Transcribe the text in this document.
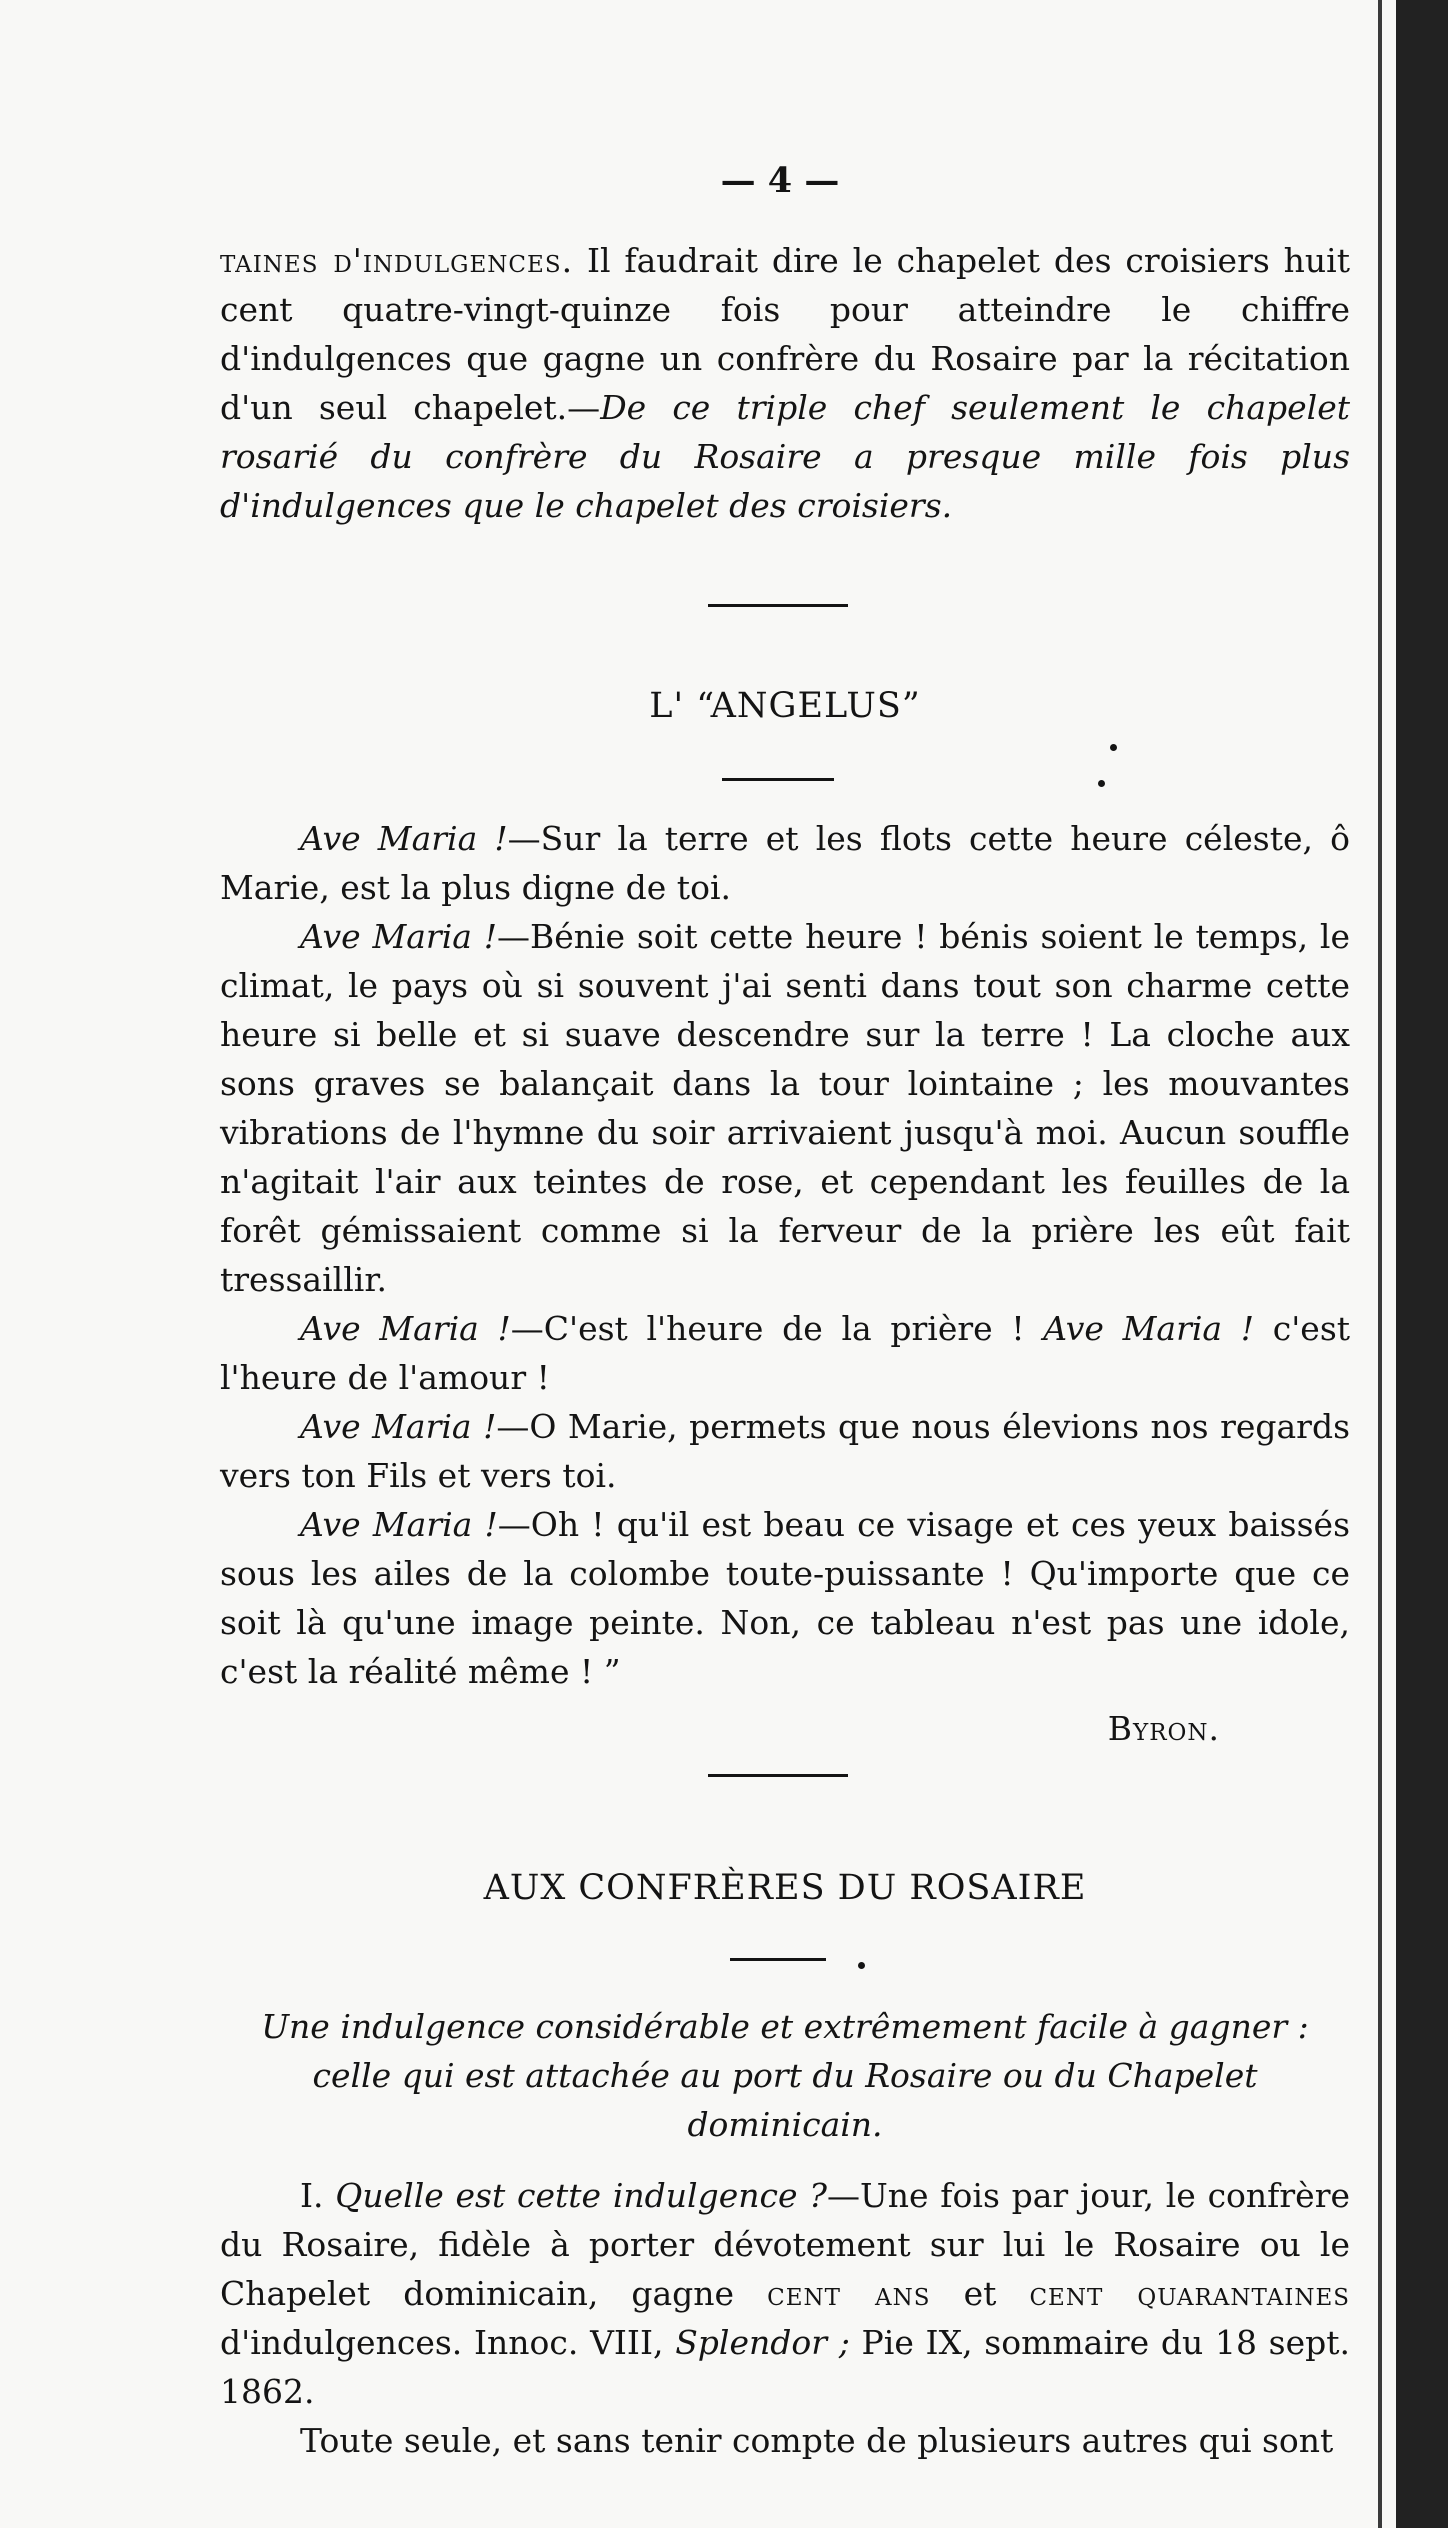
— 4 —

taines d'indulgences. Il faudrait dire le chapelet des croisiers huit cent quatre-vingt-quinze fois pour atteindre le chiffre d'indulgences que gagne un confrère du Rosaire par la récitation d'un seul chapelet.—De ce triple chef seulement le chapelet rosarié du confrère du Rosaire a presque mille fois plus d'indulgences que le chapelet des croisiers.

L' “ANGELUS”

Ave Maria !—Sur la terre et les flots cette heure céleste, ô Marie, est la plus digne de toi.

Ave Maria !—Bénie soit cette heure ! bénis soient le temps, le climat, le pays où si souvent j'ai senti dans tout son charme cette heure si belle et si suave descendre sur la terre ! La cloche aux sons graves se balançait dans la tour lointaine ; les mouvantes vibrations de l'hymne du soir arrivaient jusqu'à moi. Aucun souffle n'agitait l'air aux teintes de rose, et cependant les feuilles de la forêt gémissaient comme si la ferveur de la prière les eût fait tressaillir.

Ave Maria !—C'est l'heure de la prière ! Ave Maria ! c'est l'heure de l'amour !

Ave Maria !—O Marie, permets que nous élevions nos regards vers ton Fils et vers toi.

Ave Maria !—Oh ! qu'il est beau ce visage et ces yeux baissés sous les ailes de la colombe toute-puissante ! Qu'importe que ce soit là qu'une image peinte. Non, ce tableau n'est pas une idole, c'est la réalité même ! ”

Byron.

AUX CONFRÈRES DU ROSAIRE

Une indulgence considérable et extrêmement facile à gagner : celle qui est attachée au port du Rosaire ou du Chapelet dominicain.

I. Quelle est cette indulgence ?—Une fois par jour, le confrère du Rosaire, fidèle à porter dévotement sur lui le Rosaire ou le Chapelet dominicain, gagne cent ans et cent quarantaines d'indulgences. Innoc. VIII, Splendor ; Pie IX, sommaire du 18 sept. 1862.

Toute seule, et sans tenir compte de plusieurs autres qui sont
